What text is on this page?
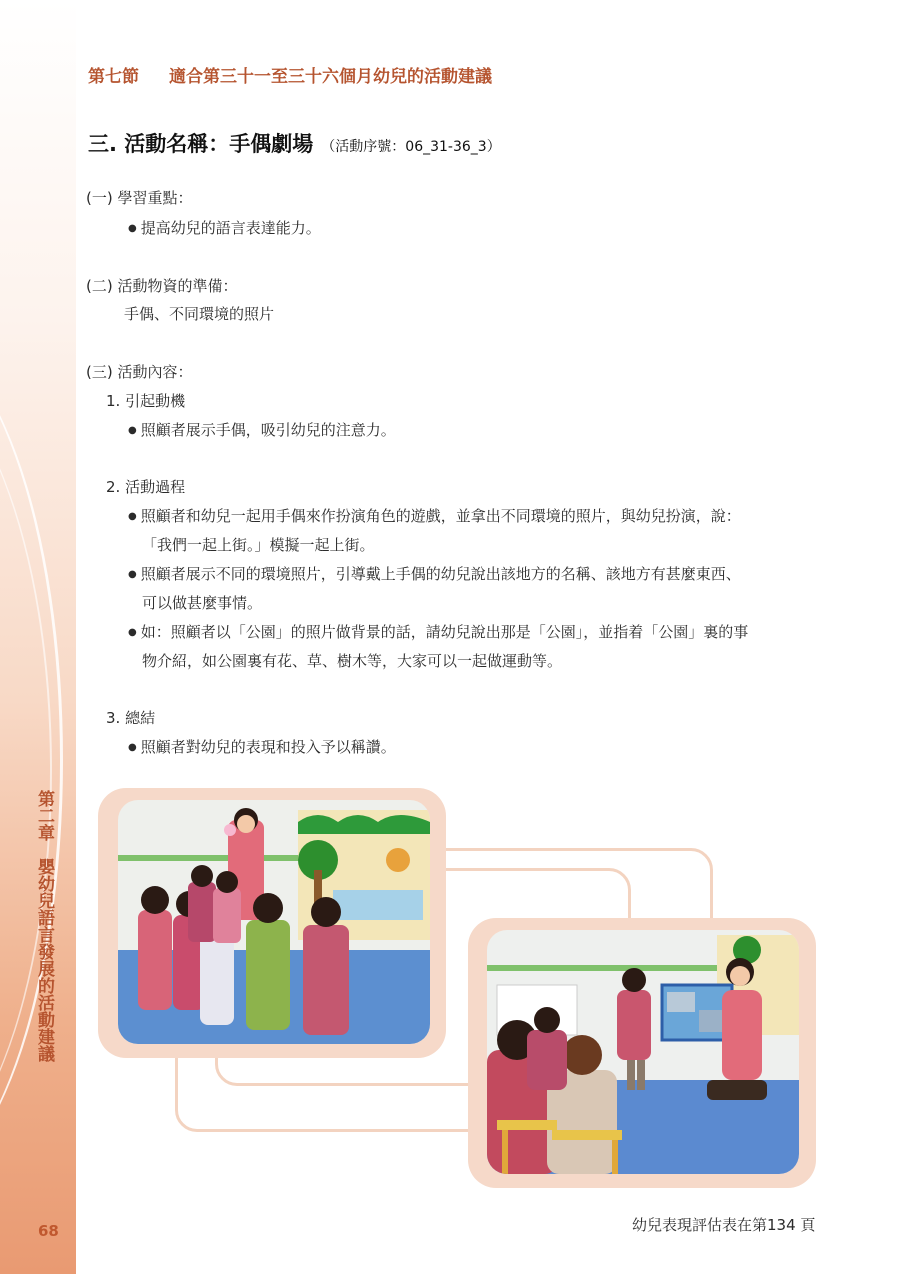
第二章　嬰幼兒語言發展的活動建議
68
第七節 適合第三十一至三十六個月幼兒的活動建議
三. 活動名稱：手偶劇場 （活動序號：06_31-36_3）
(一) 學習重點：
● 提高幼兒的語言表達能力。
(二) 活動物資的準備：
手偶、不同環境的照片
(三) 活動內容：
1. 引起動機
● 照顧者展示手偶，吸引幼兒的注意力。
2. 活動過程
● 照顧者和幼兒一起用手偶來作扮演角色的遊戲，並拿出不同環境的照片，與幼兒扮演，說：
「我們一起上街。」模擬一起上街。
● 照顧者展示不同的環境照片，引導戴上手偶的幼兒說出該地方的名稱、該地方有甚麼東西、
可以做甚麼事情。
● 如：照顧者以「公園」的照片做背景的話，請幼兒說出那是「公園」，並指着「公園」裏的事
物介紹，如公園裏有花、草、樹木等，大家可以一起做運動等。
3. 總結
● 照顧者對幼兒的表現和投入予以稱讚。
幼兒表現評估表在第134 頁
